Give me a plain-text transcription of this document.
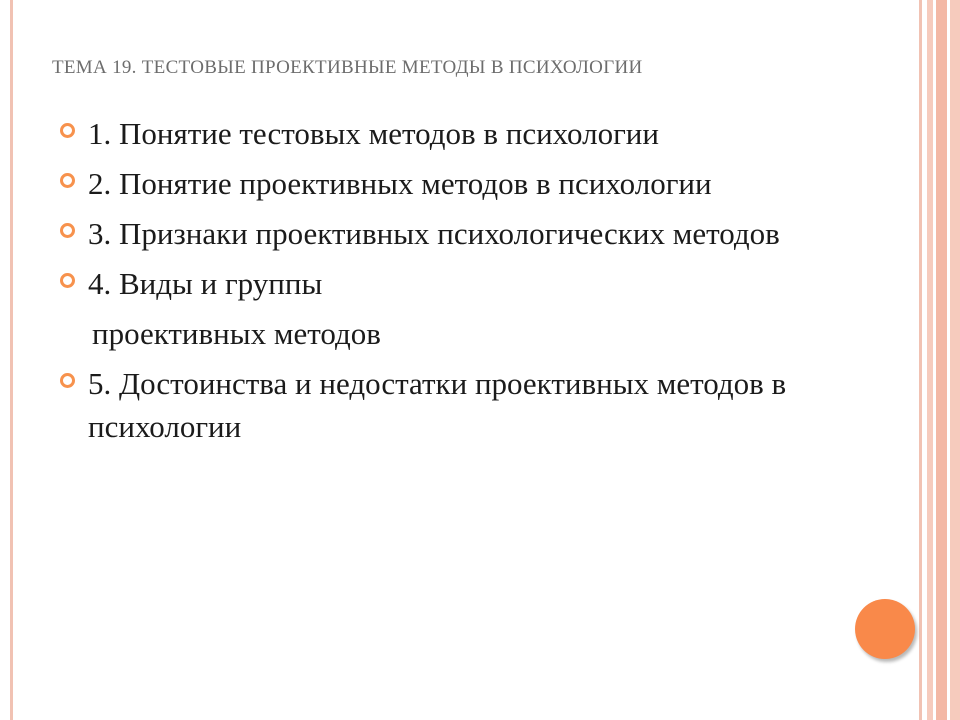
ТЕМА 19. ТЕСТОВЫЕ ПРОЕКТИВНЫЕ МЕТОДЫ В ПСИХОЛОГИИ
1. Понятие тестовых методов в психологии
2. Понятие проективных методов в психологии
3. Признаки проективных психологических методов
4. Виды и группы
проективных методов
5. Достоинства и недостатки проективных методов в психологии
